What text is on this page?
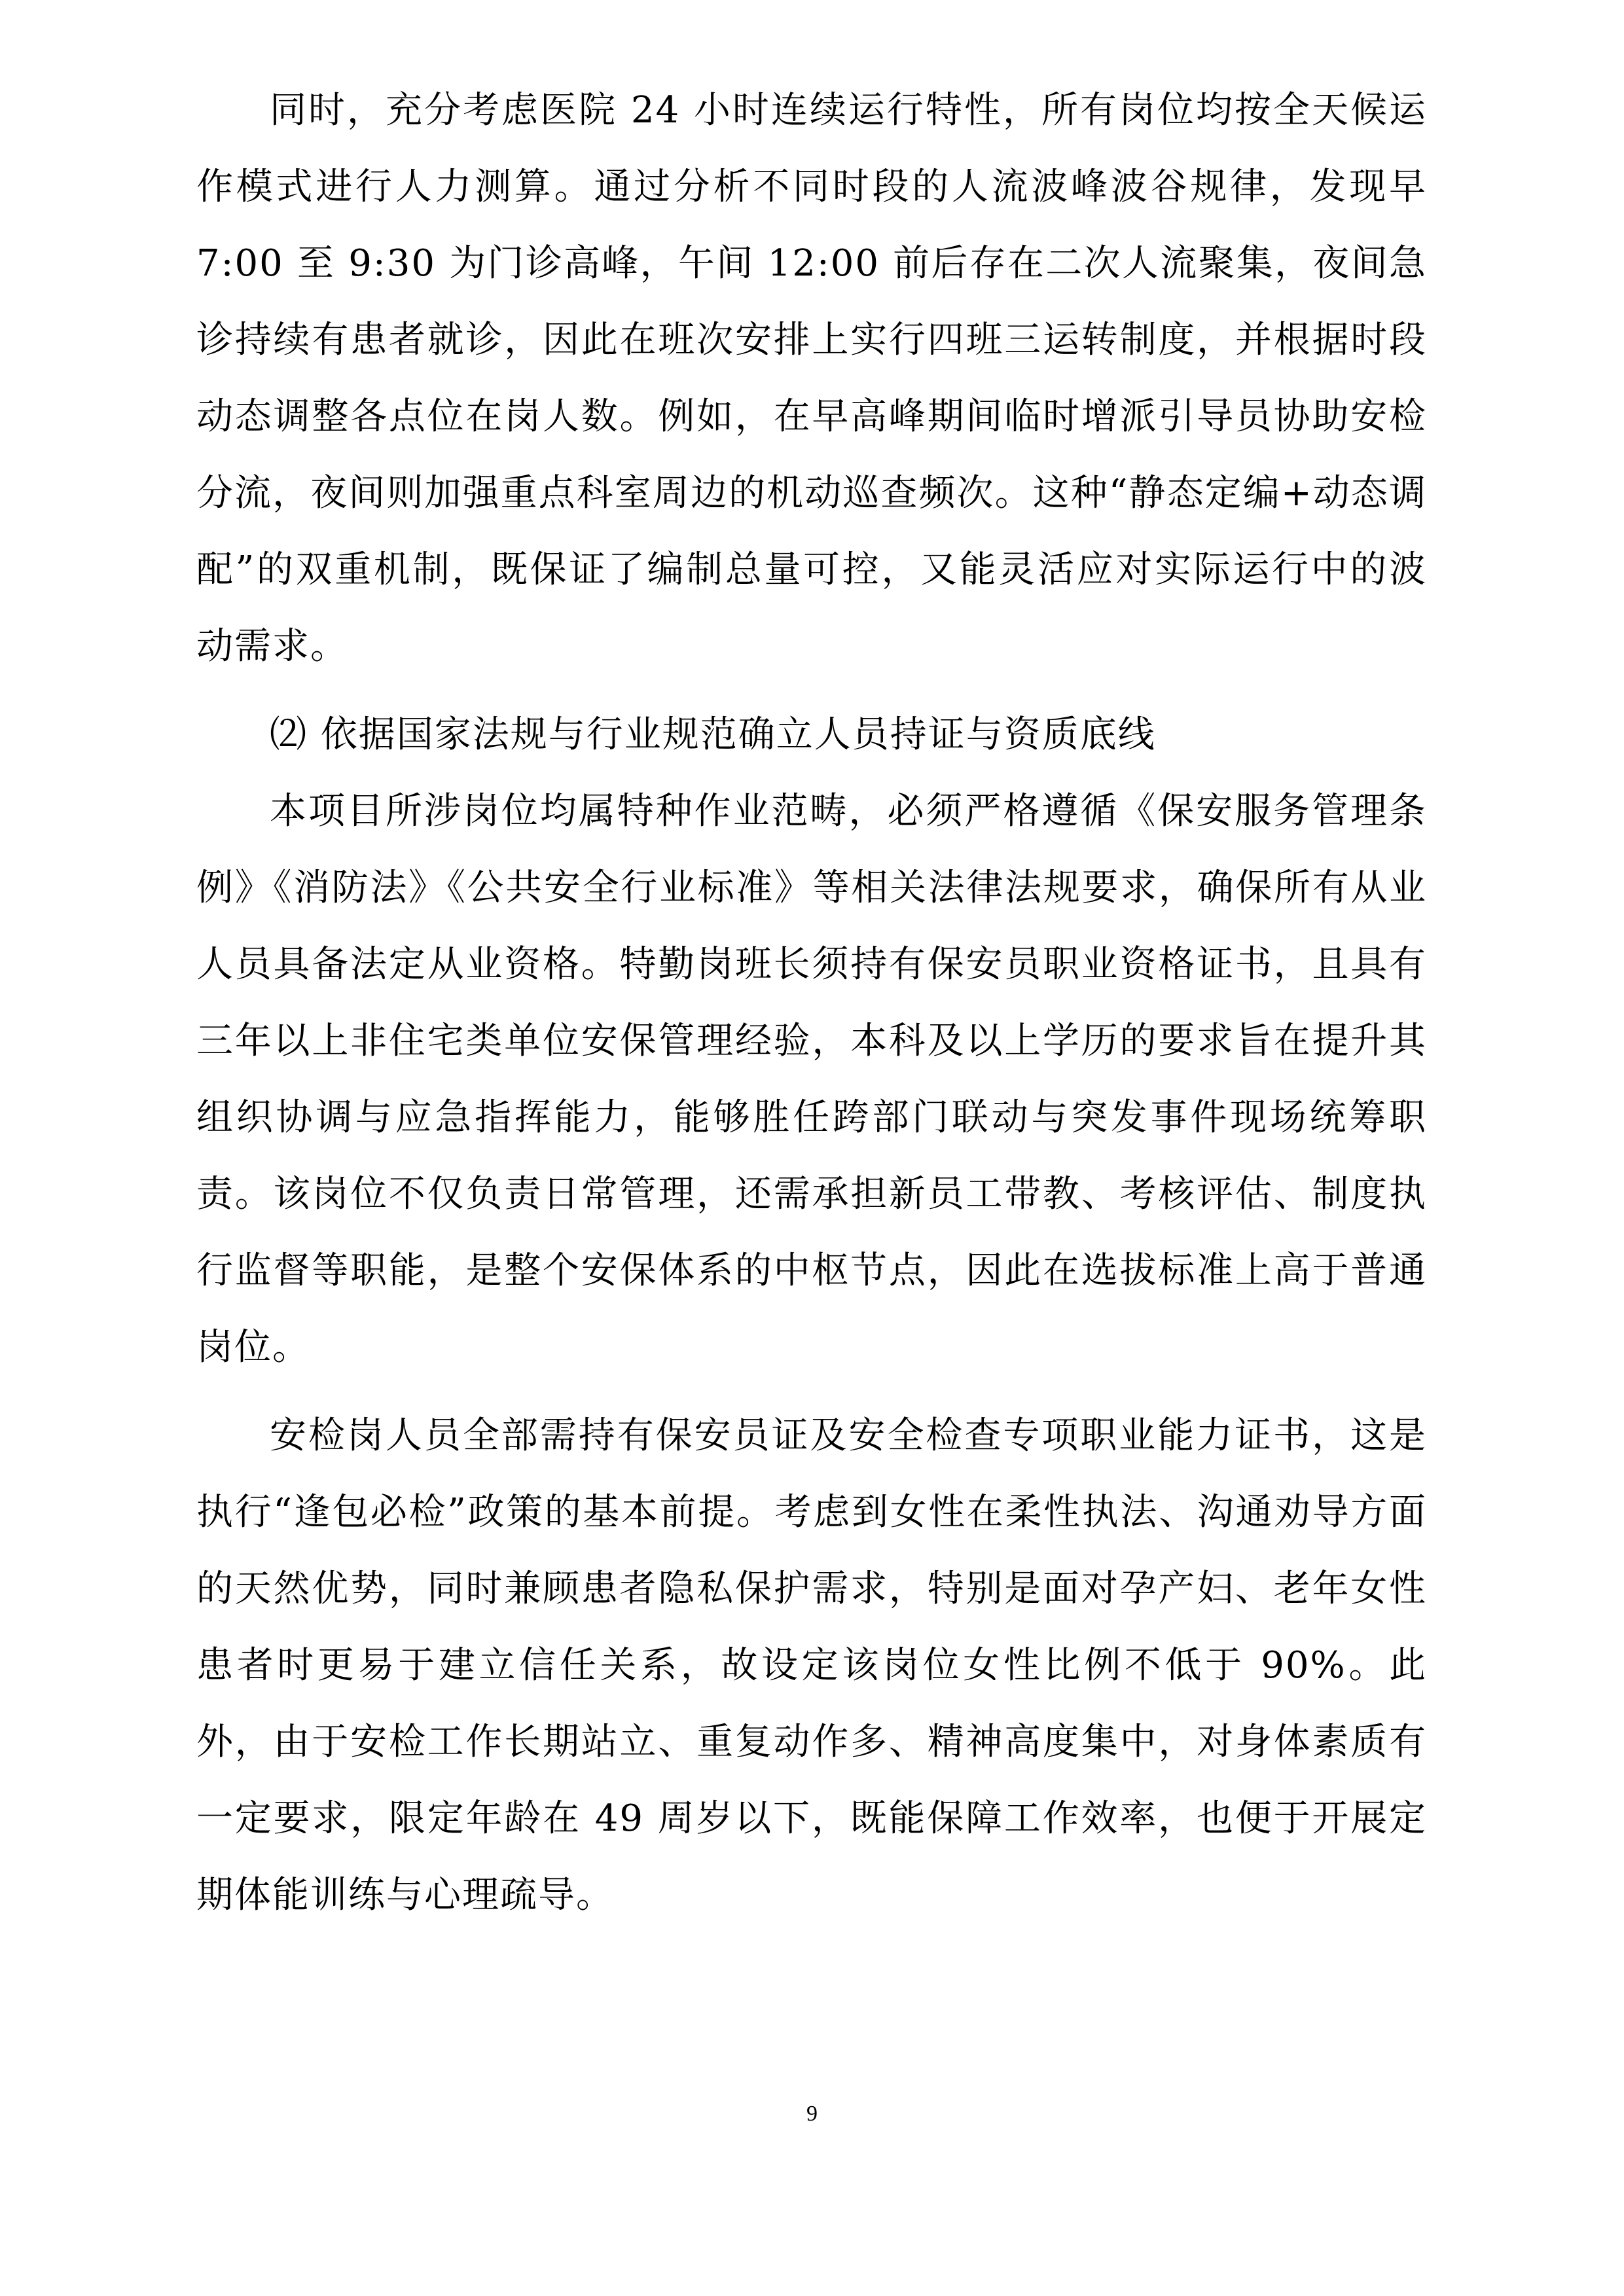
同时，充分考虑医院 24 小时连续运行特性，所有岗位均按全天候运作模式进行人力测算。通过分析不同时段的人流波峰波谷规律，发现早 7:00 至 9:30 为门诊高峰，午间 12:00 前后存在二次人流聚集，夜间急诊持续有患者就诊，因此在班次安排上实行四班三运转制度，并根据时段动态调整各点位在岗人数。例如，在早高峰期间临时增派引导员协助安检分流，夜间则加强重点科室周边的机动巡查频次。这种“静态定编+动态调配”的双重机制，既保证了编制总量可控，又能灵活应对实际运行中的波动需求。

⑵ 依据国家法规与行业规范确立人员持证与资质底线

本项目所涉岗位均属特种作业范畴，必须严格遵循《保安服务管理条例》《消防法》《公共安全行业标准》等相关法律法规要求，确保所有从业人员具备法定从业资格。特勤岗班长须持有保安员职业资格证书，且具有三年以上非住宅类单位安保管理经验，本科及以上学历的要求旨在提升其组织协调与应急指挥能力，能够胜任跨部门联动与突发事件现场统筹职责。该岗位不仅负责日常管理，还需承担新员工带教、考核评估、制度执行监督等职能，是整个安保体系的中枢节点，因此在选拔标准上高于普通岗位。

安检岗人员全部需持有保安员证及安全检查专项职业能力证书，这是执行“逢包必检”政策的基本前提。考虑到女性在柔性执法、沟通劝导方面的天然优势，同时兼顾患者隐私保护需求，特别是面对孕产妇、老年女性患者时更易于建立信任关系，故设定该岗位女性比例不低于 90%。此外，由于安检工作长期站立、重复动作多、精神高度集中，对身体素质有一定要求，限定年龄在 49 周岁以下，既能保障工作效率，也便于开展定期体能训练与心理疏导。

9
